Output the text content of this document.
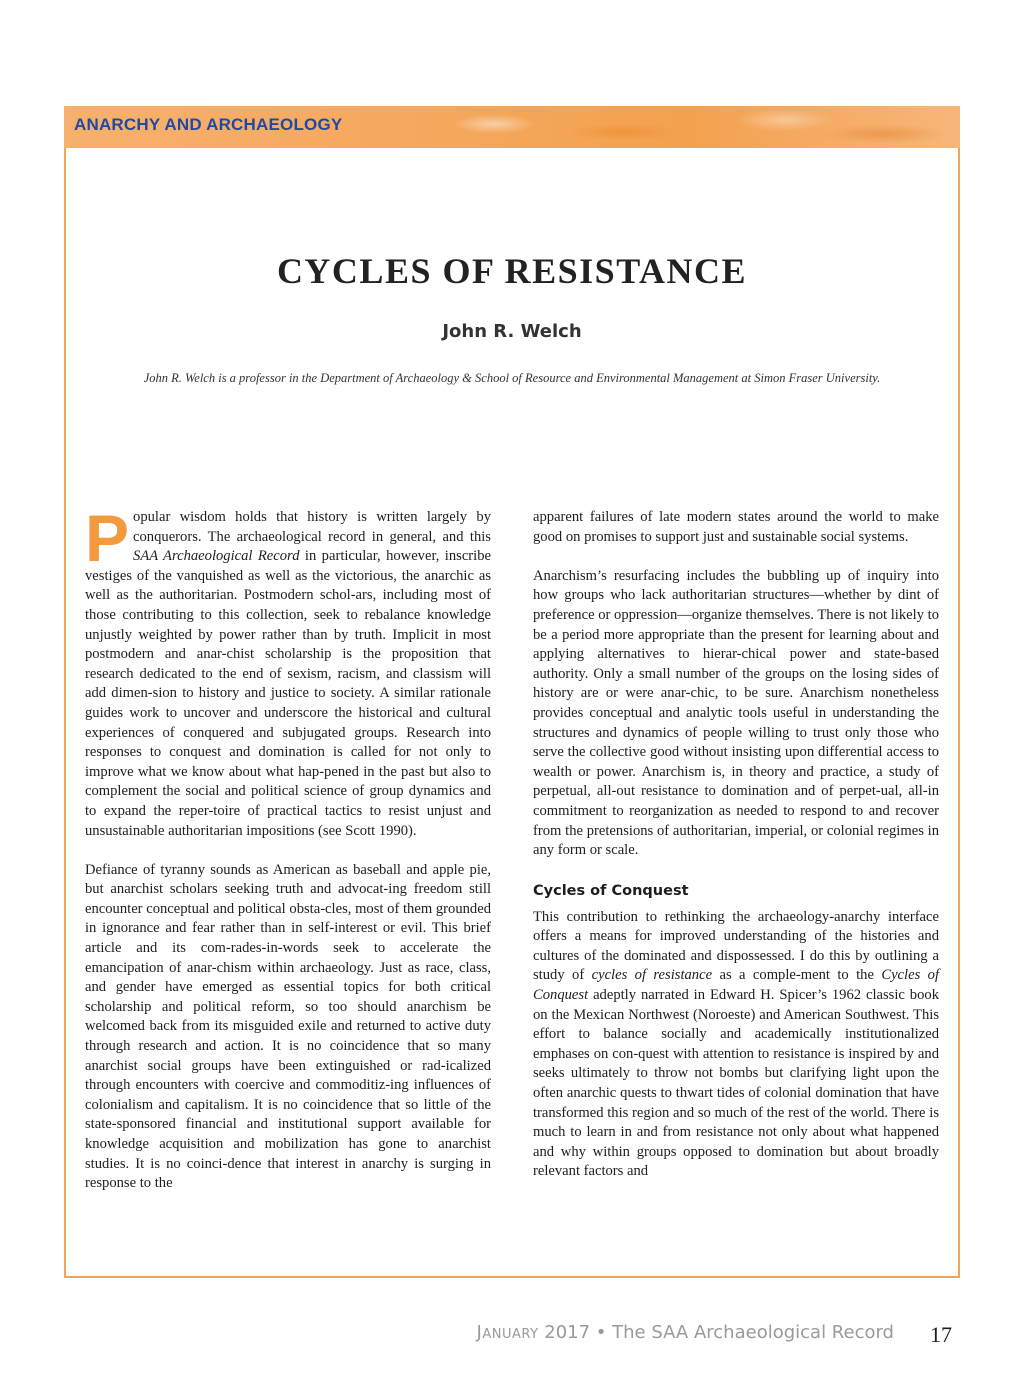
ANARCHY AND ARCHAEOLOGY
CYCLES OF RESISTANCE
John R. Welch

John R. Welch is a professor in the Department of Archaeology & School of Resource and Environmental Management at Simon Fraser University.

Popular wisdom holds that history is written largely by conquerors. The archaeological record in general, and this SAA Archaeological Record in particular, however, inscribe vestiges of the vanquished as well as the victorious, the anarchic as well as the authoritarian. Postmodern schol-ars, including most of those contributing to this collection, seek to rebalance knowledge unjustly weighted by power rather than by truth. Implicit in most postmodern and anar-chist scholarship is the proposition that research dedicated to the end of sexism, racism, and classism will add dimen-sion to history and justice to society. A similar rationale guides work to uncover and underscore the historical and cultural experiences of conquered and subjugated groups. Research into responses to conquest and domination is called for not only to improve what we know about what hap-pened in the past but also to complement the social and political science of group dynamics and to expand the reper-toire of practical tactics to resist unjust and unsustainable authoritarian impositions (see Scott 1990).

Defiance of tyranny sounds as American as baseball and apple pie, but anarchist scholars seeking truth and advocat-ing freedom still encounter conceptual and political obsta-cles, most of them grounded in ignorance and fear rather than in self-interest or evil. This brief article and its com-rades-in-words seek to accelerate the emancipation of anar-chism within archaeology. Just as race, class, and gender have emerged as essential topics for both critical scholarship and political reform, so too should anarchism be welcomed back from its misguided exile and returned to active duty through research and action. It is no coincidence that so many anarchist social groups have been extinguished or rad-icalized through encounters with coercive and commoditiz-ing influences of colonialism and capitalism. It is no coincidence that so little of the state-sponsored financial and institutional support available for knowledge acquisition and mobilization has gone to anarchist studies. It is no coinci-dence that interest in anarchy is surging in response to the

apparent failures of late modern states around the world to make good on promises to support just and sustainable social systems.

Anarchism’s resurfacing includes the bubbling up of inquiry into how groups who lack authoritarian structures—whether by dint of preference or oppression—organize themselves. There is not likely to be a period more appropriate than the present for learning about and applying alternatives to hierar-chical power and state-based authority. Only a small number of the groups on the losing sides of history are or were anar-chic, to be sure. Anarchism nonetheless provides conceptual and analytic tools useful in understanding the structures and dynamics of people willing to trust only those who serve the collective good without insisting upon differential access to wealth or power. Anarchism is, in theory and practice, a study of perpetual, all-out resistance to domination and of perpet-ual, all-in commitment to reorganization as needed to respond to and recover from the pretensions of authoritarian, imperial, or colonial regimes in any form or scale.

Cycles of Conquest

This contribution to rethinking the archaeology-anarchy interface offers a means for improved understanding of the histories and cultures of the dominated and dispossessed. I do this by outlining a study of cycles of resistance as a comple-ment to the Cycles of Conquest adeptly narrated in Edward H. Spicer’s 1962 classic book on the Mexican Northwest (Noroeste) and American Southwest. This effort to balance socially and academically institutionalized emphases on con-quest with attention to resistance is inspired by and seeks ultimately to throw not bombs but clarifying light upon the often anarchic quests to thwart tides of colonial domination that have transformed this region and so much of the rest of the world. There is much to learn in and from resistance not only about what happened and why within groups opposed to domination but about broadly relevant factors and

January 2017 • The SAA Archaeological Record 17
